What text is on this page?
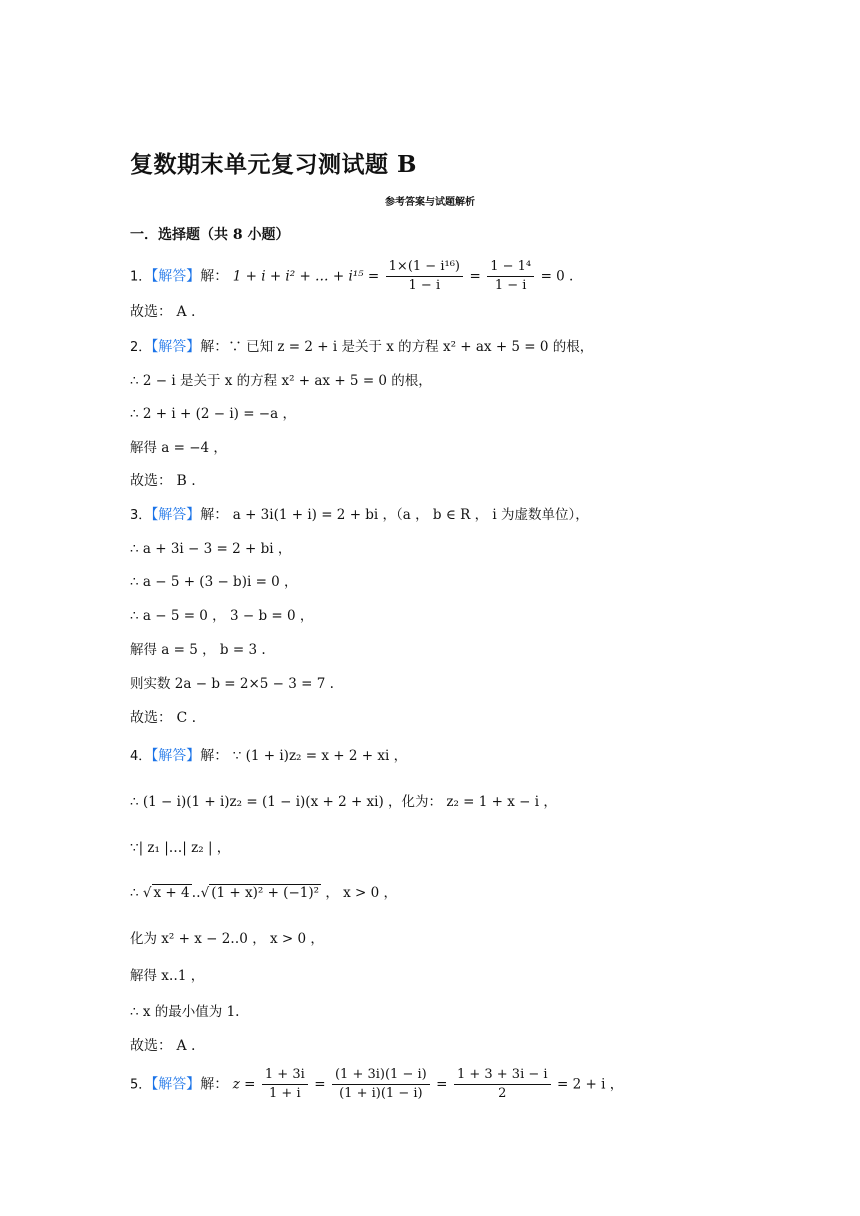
复数期末单元复习测试题 B
参考答案与试题解析
一．选择题（共 8 小题）
1．【解答】解： 1 + i + i² + … + $i^{15} = \frac{\text{1×(1 − i¹⁶)}}{1 - i} = \frac{\text{1 − 1⁴}}{1 - i} = 0$ .
故选： A .
2．【解答】解：∵ 已知 z = 2 + i 是关于 x 的方程 x² + ax + 5 = 0 的根，
∴ 2 − i 是关于 x 的方程 x² + ax + 5 = 0 的根，
∴ 2 + i + (2 − i) = −a ，
解得 a = −4 ，
故选： B .
3．【解答】解： a + 3i(1 + i) = 2 + bi ，（a ， b ∈ R ， i 为虚数单位），
∴ a + 3i − 3 = 2 + bi ，
∴ a − 5 + (3 − b)i = 0 ，
∴ a − 5 = 0 ， 3 − b = 0 ，
解得 a = 5 ， b = 3 .
则实数 2a − b = 2×5 − 3 = 7 .
故选： C .
4．【解答】解： ∵ (1 + i)z₂ = x + 2 + xi ，
∴ (1 − i)(1 + i)z₂ = (1 − i)(x + 2 + xi) ，化为： z₂ = 1 + x − i ，
∵| z₁ |…| z₂ | ，
∴ √ x + 4 ‥√ (1 + x)² + (−1)² ， x > 0 ，
化为 x² + x − 2‥0 ， x > 0 ，
解得 x‥1 ，
∴ x 的最小值为 1.
故选： A .
5．【解答】解： $z = \frac{1 + 3i}{1 + i} = \frac{(1 + 3i)(1 - i)}{(1 + i)(1 - i)} = \frac{1 + 3 + 3i - i}{2} = 2 + i$ ，
